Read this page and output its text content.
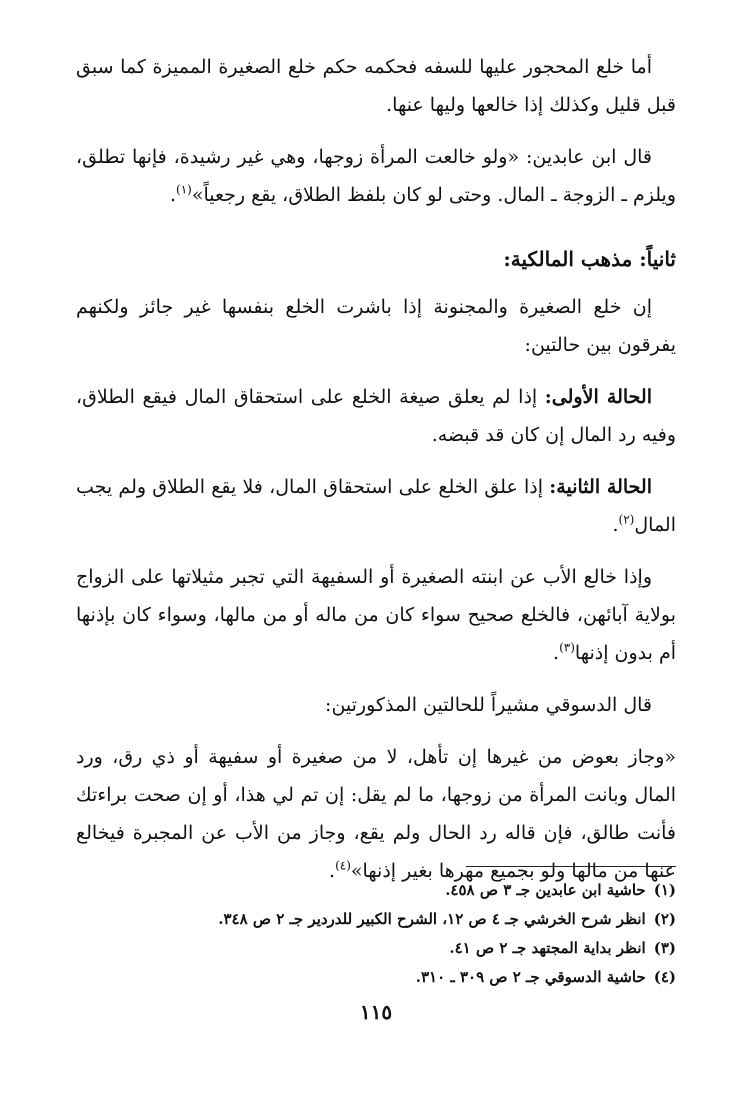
أما خلع المحجور عليها للسفه فحكمه حكم خلع الصغيرة المميزة كما سبق قبل قليل وكذلك إذا خالعها وليها عنها.

قال ابن عابدين: «ولو خالعت المرأة زوجها، وهي غير رشيدة، فإنها تطلق، ويلزم ـ الزوجة ـ المال. وحتى لو كان بلفظ الطلاق، يقع رجعياً»$^{(١)}$.

ثانياً: مذهب المالكية:

إن خلع الصغيرة والمجنونة إذا باشرت الخلع بنفسها غير جائز ولكنهم يفرقون بين حالتين:

الحالة الأولى: إذا لم يعلق صيغة الخلع على استحقاق المال فيقع الطلاق، وفيه رد المال إن كان قد قبضه.

الحالة الثانية: إذا علق الخلع على استحقاق المال، فلا يقع الطلاق ولم يجب المال$^{(٢)}$.

وإذا خالع الأب عن ابنته الصغيرة أو السفيهة التي تجبر مثيلاتها على الزواج بولاية آبائهن، فالخلع صحيح سواء كان من ماله أو من مالها، وسواء كان بإذنها أم بدون إذنها$^{(٣)}$.

قال الدسوقي مشيراً للحالتين المذكورتين:

«وجاز بعوض من غيرها إن تأهل، لا من صغيرة أو سفيهة أو ذي رق، ورد المال وبانت المرأة من زوجها، ما لم يقل: إن تم لي هذا، أو إن صحت براءتك فأنت طالق، فإن قاله رد الحال ولم يقع، وجاز من الأب عن المجبرة فيخالع عنها من مالها ولو بجميع مهرها بغير إذنها»$^{(٤)}$.

(١)حاشية ابن عابدين جـ ٣ ص ٤٥٨.

(٢)انظر شرح الخرشي جـ ٤ ص ١٢، الشرح الكبير للدردير جـ ٢ ص ٣٤٨.

(٣)انظر بداية المجتهد جـ ٢ ص ٤١.

(٤)حاشية الدسوقي جـ ٢ ص ٣٠٩ ـ ٣١٠.

١١٥
